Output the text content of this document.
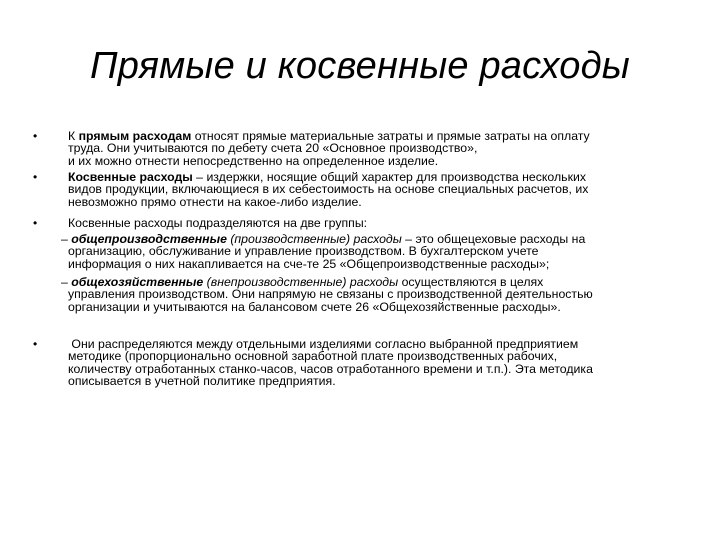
Прямые и косвенные расходы
•	К прямым расходам относят прямые материальные затраты и прямые затраты на оплату
труда. Они учитываются по дебету счета 20 «Основное производство»,
и их можно отнести непосредственно на определенное изделие.
•	Косвенные расходы – издержки, носящие общий характер для производства нескольких
видов продукции, включающиеся в их себестоимость на основе специальных расчетов, их
невозможно прямо отнести на какое-либо изделие.
•	Косвенные расходы подразделяются на две группы:
– общепроизводственные (производственные) расходы – это общецеховые расходы на
организацию, обслуживание и управление производством. В бухгалтерском учете
информация о них накапливается на сче-те 25 «Общепроизводственные расходы»;
– общехозяйственные (внепроизводственные) расходы осуществляются в целях
управления производством. Они напрямую не связаны с производственной деятельностью
организации и учитываются на балансовом счете 26 «Общехозяйственные расходы».
•	Они распределяются между отдельными изделиями согласно выбранной предприятием
методике (пропорционально основной заработной плате производственных рабочих,
количеству отработанных станко-часов, часов отработанного времени и т.п.). Эта методика
описывается в учетной политике предприятия.
